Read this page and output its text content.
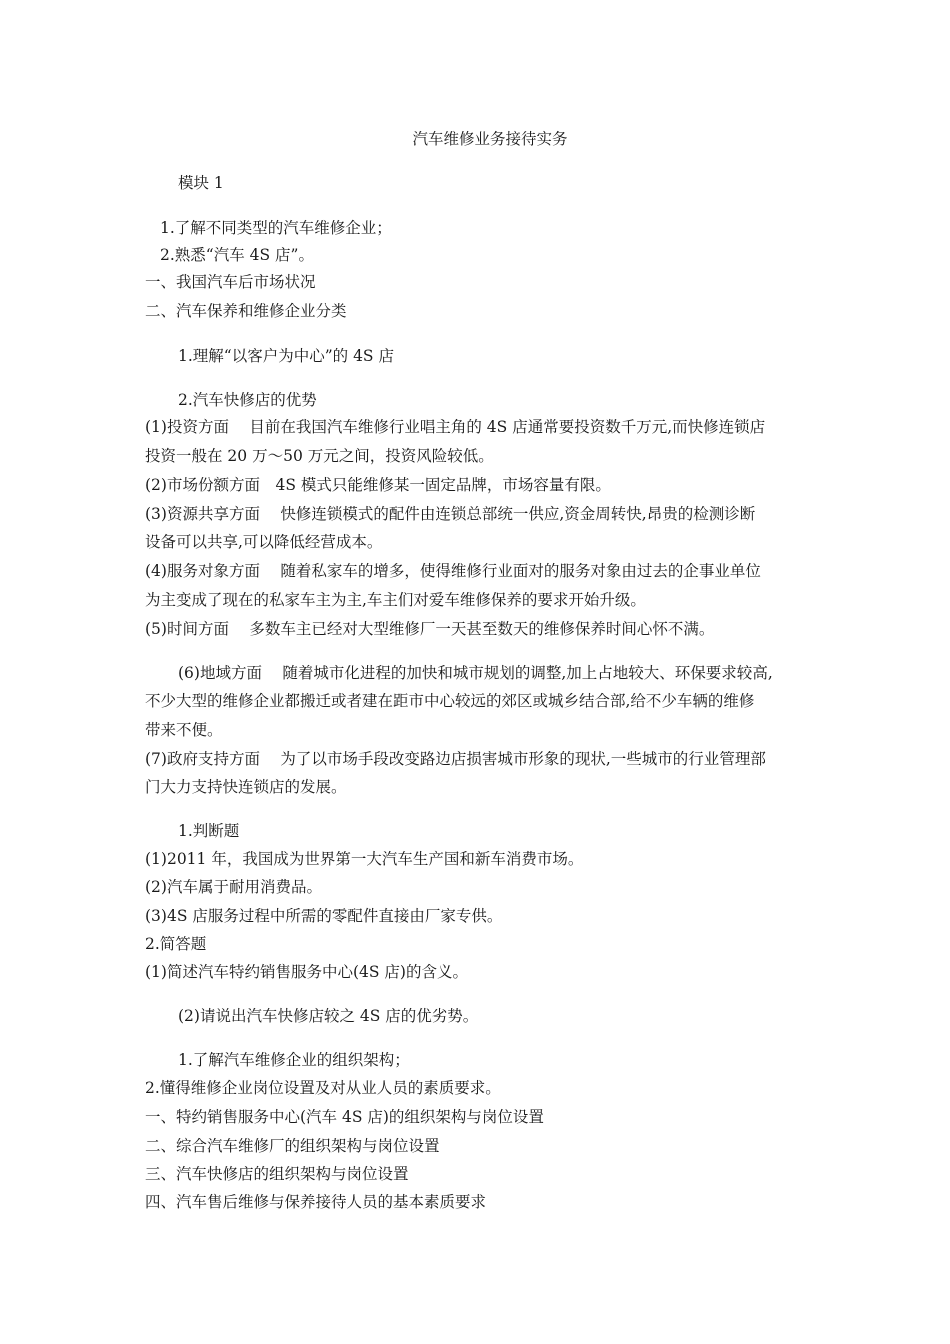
汽车维修业务接待实务
模块 1
1.了解不同类型的汽车维修企业；
2.熟悉“汽车 4S 店”。
一、我国汽车后市场状况
二、汽车保养和维修企业分类
1.理解“以客户为中心”的 4S 店
2.汽车快修店的优势
(1)投资方面　 目前在我国汽车维修行业唱主角的 4S 店通常要投资数千万元,而快修连锁店
投资一般在 20 万～50 万元之间，投资风险较低。
(2)市场份额方面　4S 模式只能维修某一固定品牌，市场容量有限。
(3)资源共享方面　 快修连锁模式的配件由连锁总部统一供应,资金周转快,昂贵的检测诊断
设备可以共享,可以降低经营成本。
(4)服务对象方面　 随着私家车的增多，使得维修行业面对的服务对象由过去的企事业单位
为主变成了现在的私家车主为主,车主们对爱车维修保养的要求开始升级。
(5)时间方面　 多数车主已经对大型维修厂一天甚至数天的维修保养时间心怀不满。
(6)地域方面　 随着城市化进程的加快和城市规划的调整,加上占地较大、环保要求较高,
不少大型的维修企业都搬迁或者建在距市中心较远的郊区或城乡结合部,给不少车辆的维修
带来不便。
(7)政府支持方面　 为了以市场手段改变路边店损害城市形象的现状,一些城市的行业管理部
门大力支持快连锁店的发展。
1.判断题
(1)2011 年，我国成为世界第一大汽车生产国和新车消费市场。
(2)汽车属于耐用消费品。
(3)4S 店服务过程中所需的零配件直接由厂家专供。
2.简答题
(1)简述汽车特约销售服务中心(4S 店)的含义。
(2)请说出汽车快修店较之 4S 店的优劣势。
1.了解汽车维修企业的组织架构；
2.懂得维修企业岗位设置及对从业人员的素质要求。
一、特约销售服务中心(汽车 4S 店)的组织架构与岗位设置
二、综合汽车维修厂的组织架构与岗位设置
三、汽车快修店的组织架构与岗位设置
四、汽车售后维修与保养接待人员的基本素质要求
